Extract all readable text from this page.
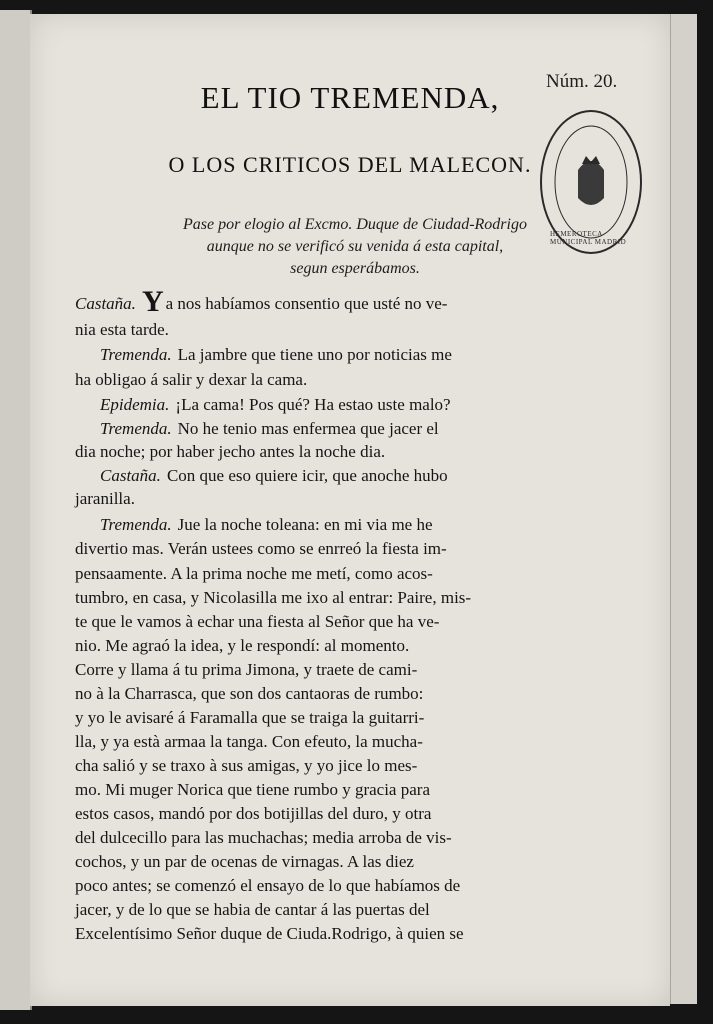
Núm. 20.
EL TIO TREMENDA,
O LOS CRITICOS DEL MALECON.
Pase por elogio al Excmo. Duque de Ciudad-Rodrigo
aunque no se verificó su venida á esta capital,
segun esperábamos.
HEMEROTECA MUNICIPAL MADRID
Castaña. Y a nos habíamos consentio que usté no ve-
nia esta tarde.
Tremenda. La jambre que tiene uno por noticias me
ha obligao á salir y dexar la cama.
Epidemia. ¡La cama! Pos qué? Ha estao uste malo?
Tremenda. No he tenio mas enfermea que jacer el
dia noche; por haber jecho antes la noche dia.
Castaña. Con que eso quiere icir, que anoche hubo
jaranilla.
Tremenda. Jue la noche toleana: en mi via me he
divertio mas. Verán ustees como se enrreó la fiesta im-
pensaamente. A la prima noche me metí, como acos-
tumbro, en casa, y Nicolasilla me ixo al entrar: Paire, mis-
te que le vamos à echar una fiesta al Señor que ha ve-
nio. Me agraó la idea, y le respondí: al momento.
Corre y llama á tu prima Jimona, y traete de cami-
no à la Charrasca, que son dos cantaoras de rumbo:
y yo le avisaré á Faramalla que se traiga la guitarri-
lla, y ya està armaa la tanga. Con efeuto, la mucha-
cha salió y se traxo à sus amigas, y yo jice lo mes-
mo. Mi muger Norica que tiene rumbo y gracia para
estos casos, mandó por dos botijillas del duro, y otra
del dulcecillo para las muchachas; media arroba de vis-
cochos, y un par de ocenas de virnagas. A las diez
poco antes; se comenzó el ensayo de lo que habíamos de
jacer, y de lo que se habia de cantar á las puertas del
Excelentísimo Señor duque de Ciuda.Rodrigo, à quien se
